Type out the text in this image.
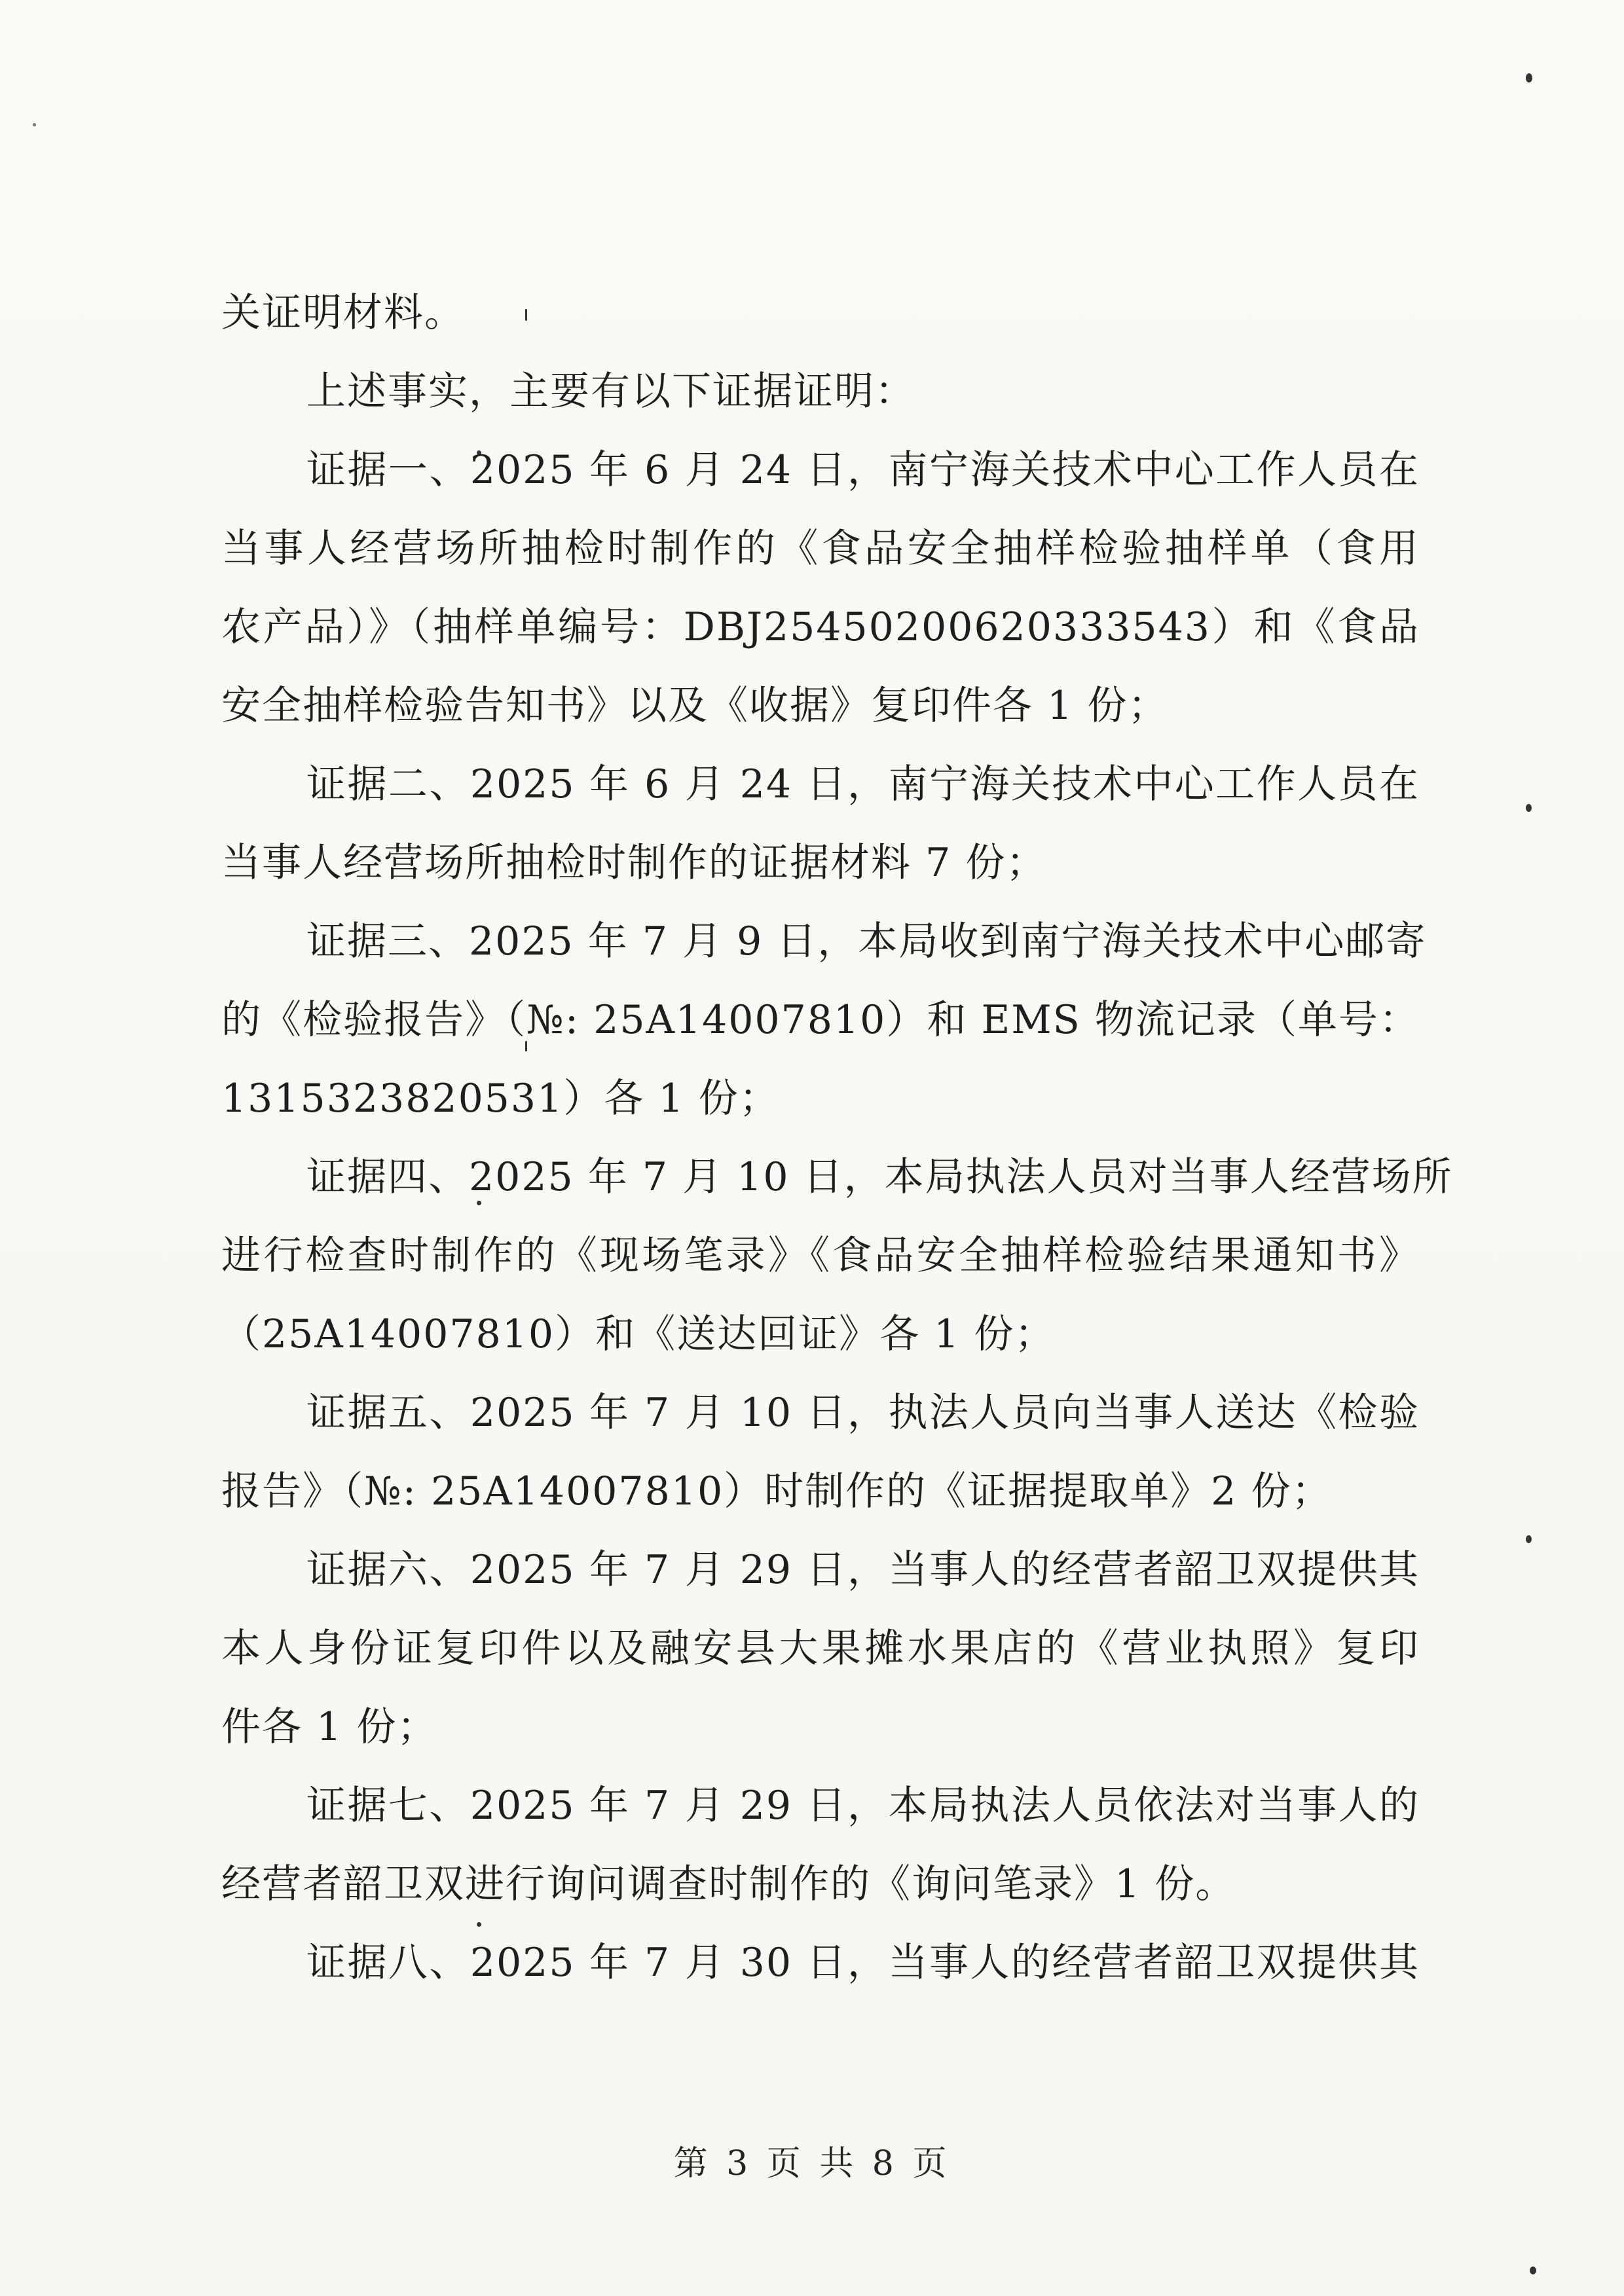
关证明材料。
上述事实，主要有以下证据证明：
证据一、2025 年 6 月 24 日，南宁海关技术中心工作人员在
当事人经营场所抽检时制作的《食品安全抽样检验抽样单（食用
农产品）》（抽样单编号：DBJ25450200620333543）和《食品
安全抽样检验告知书》以及《收据》复印件各 1 份；
证据二、2025 年 6 月 24 日，南宁海关技术中心工作人员在
当事人经营场所抽检时制作的证据材料 7 份；
证据三、2025 年 7 月 9 日，本局收到南宁海关技术中心邮寄
的《检验报告》（№: 25A14007810）和 EMS 物流记录（单号：
1315323820531）各 1 份；
证据四、2025 年 7 月 10 日，本局执法人员对当事人经营场所
进行检查时制作的《现场笔录》《食品安全抽样检验结果通知书》
（25A14007810）和《送达回证》各 1 份；
证据五、2025 年 7 月 10 日，执法人员向当事人送达《检验
报告》（№: 25A14007810）时制作的《证据提取单》2 份；
证据六、2025 年 7 月 29 日，当事人的经营者韶卫双提供其
本人身份证复印件以及融安县大果摊水果店的《营业执照》复印
件各 1 份；
证据七、2025 年 7 月 29 日，本局执法人员依法对当事人的
经营者韶卫双进行询问调查时制作的《询问笔录》1 份。
证据八、2025 年 7 月 30 日，当事人的经营者韶卫双提供其
第 3 页 共 8 页
